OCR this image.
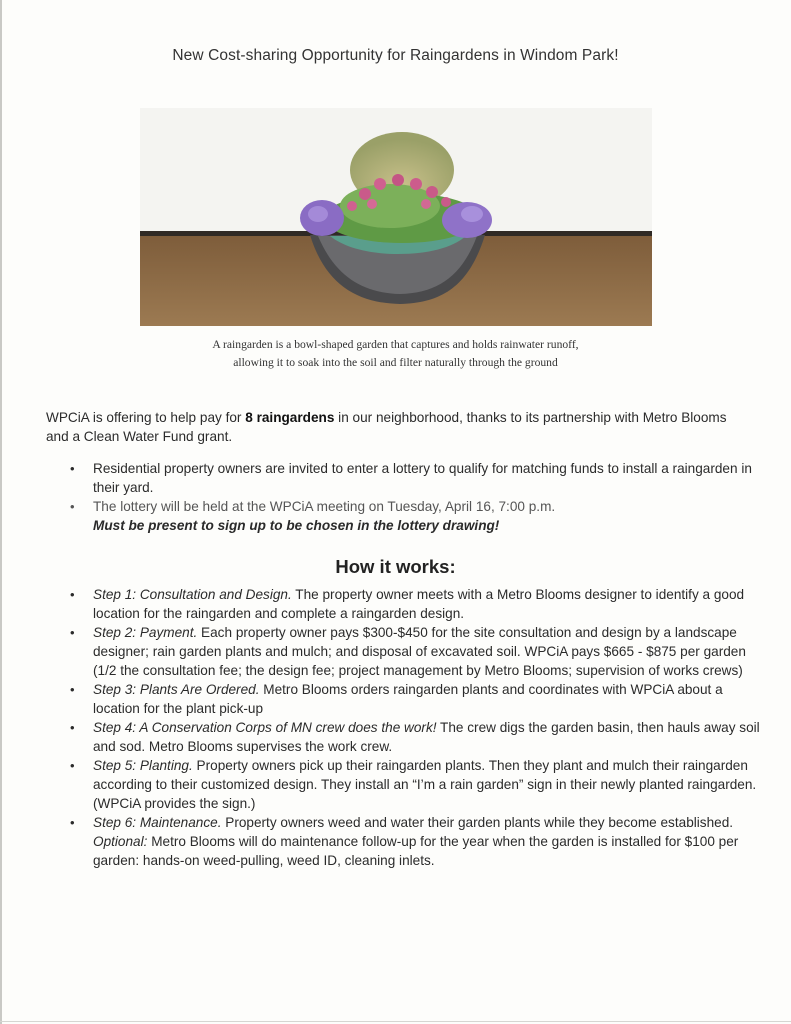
New Cost-sharing Opportunity for Raingardens in Windom Park!
A raingarden is a bowl-shaped garden that captures and holds rainwater runoff,
allowing it to soak into the soil and filter naturally through the ground
WPCiA is offering to help pay for 8 raingardens in our neighborhood, thanks to its partnership with Metro Blooms and a Clean Water Fund grant.
• Residential property owners are invited to enter a lottery to qualify for matching funds to install a raingarden in their yard.
• The lottery will be held at the WPCiA meeting on Tuesday, April 16, 7:00 p.m.
Must be present to sign up to be chosen in the lottery drawing!
How it works:
• Step 1: Consultation and Design. The property owner meets with a Metro Blooms designer to identify a good location for the raingarden and complete a raingarden design.
• Step 2: Payment. Each property owner pays $300-$450 for the site consultation and design by a landscape designer; rain garden plants and mulch; and disposal of excavated soil. WPCiA pays $665 - $875 per garden (1/2 the consultation fee; the design fee; project management by Metro Blooms; supervision of works crews)
• Step 3: Plants Are Ordered. Metro Blooms orders raingarden plants and coordinates with WPCiA about a location for the plant pick-up
• Step 4: A Conservation Corps of MN crew does the work! The crew digs the garden basin, then hauls away soil and sod. Metro Blooms supervises the work crew.
• Step 5: Planting. Property owners pick up their raingarden plants. Then they plant and mulch their raingarden according to their customized design. They install an “I’m a rain garden” sign in their newly planted raingarden. (WPCiA provides the sign.)
• Step 6: Maintenance. Property owners weed and water their garden plants while they become established. Optional: Metro Blooms will do maintenance follow-up for the year when the garden is installed for $100 per garden: hands-on weed-pulling, weed ID, cleaning inlets.
